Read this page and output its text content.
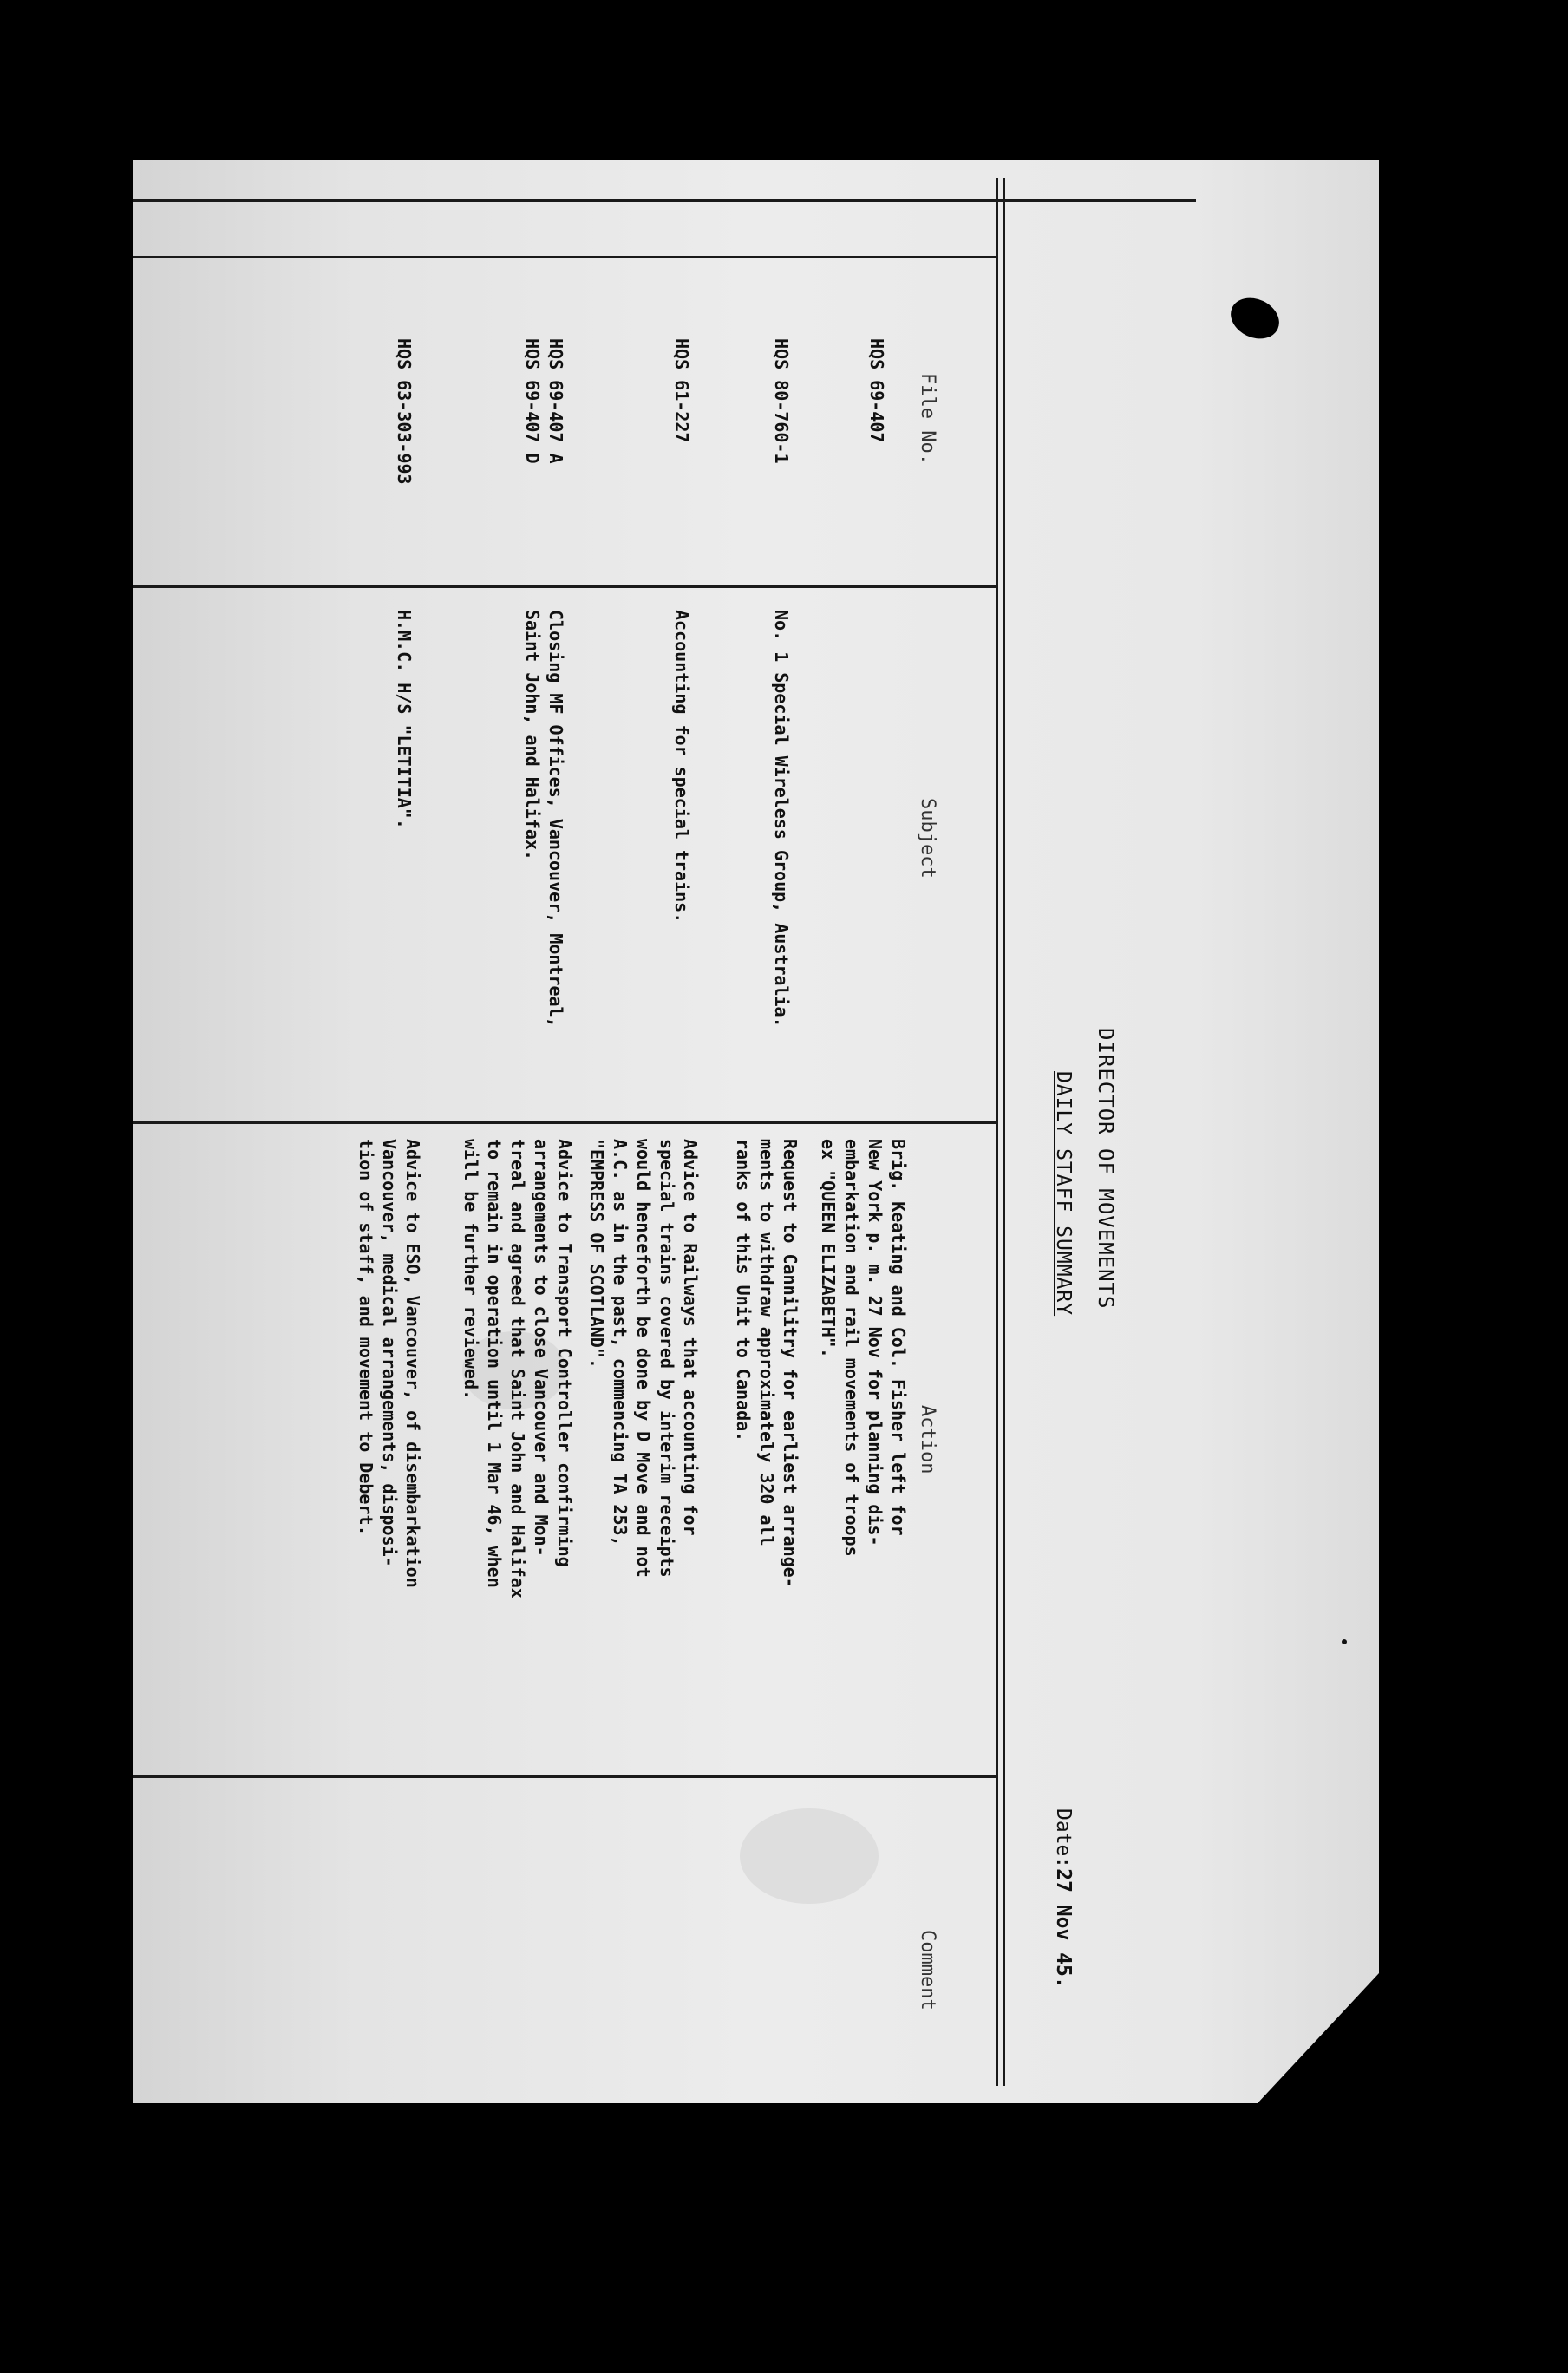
DIRECTOR OF MOVEMENTS
DAILY STAFF SUMMARY
Date:27 Nov 45.
File No.
Subject
Action
Comment
HQS 69-407
Brig. Keating and Col. Fisher left for
New York p. m. 27 Nov for planning dis-
embarkation and rail movements of troops
ex "QUEEN ELIZABETH".
HQS 80-760-1
No. 1 Special Wireless Group, Australia.
Request to Cannilitry for earliest arrange-
ments to withdraw approximately 320 all
ranks of this Unit to Canada.
HQS 61-227
Accounting for special trains.
Advice to Railways that accounting for
special trains covered by interim receipts
would henceforth be done by D Move and not
A.C. as in the past, commencing TA 253,
"EMPRESS OF SCOTLAND".
HQS 69-407 A
HQS 69-407 D
Closing MF Offices, Vancouver, Montreal,
Saint John, and Halifax.
Advice to Transport Controller confirming
arrangements to close Vancouver and Mon-
treal and agreed that Saint John and Halifax
to remain in operation until 1 Mar 46, when
will be further reviewed.
HQS 63-303-993
H.M.C. H/S "LETITIA".
Advice to ESO, Vancouver, of disembarkation
Vancouver, medical arrangements, disposi-
tion of staff, and movement to Debert.
